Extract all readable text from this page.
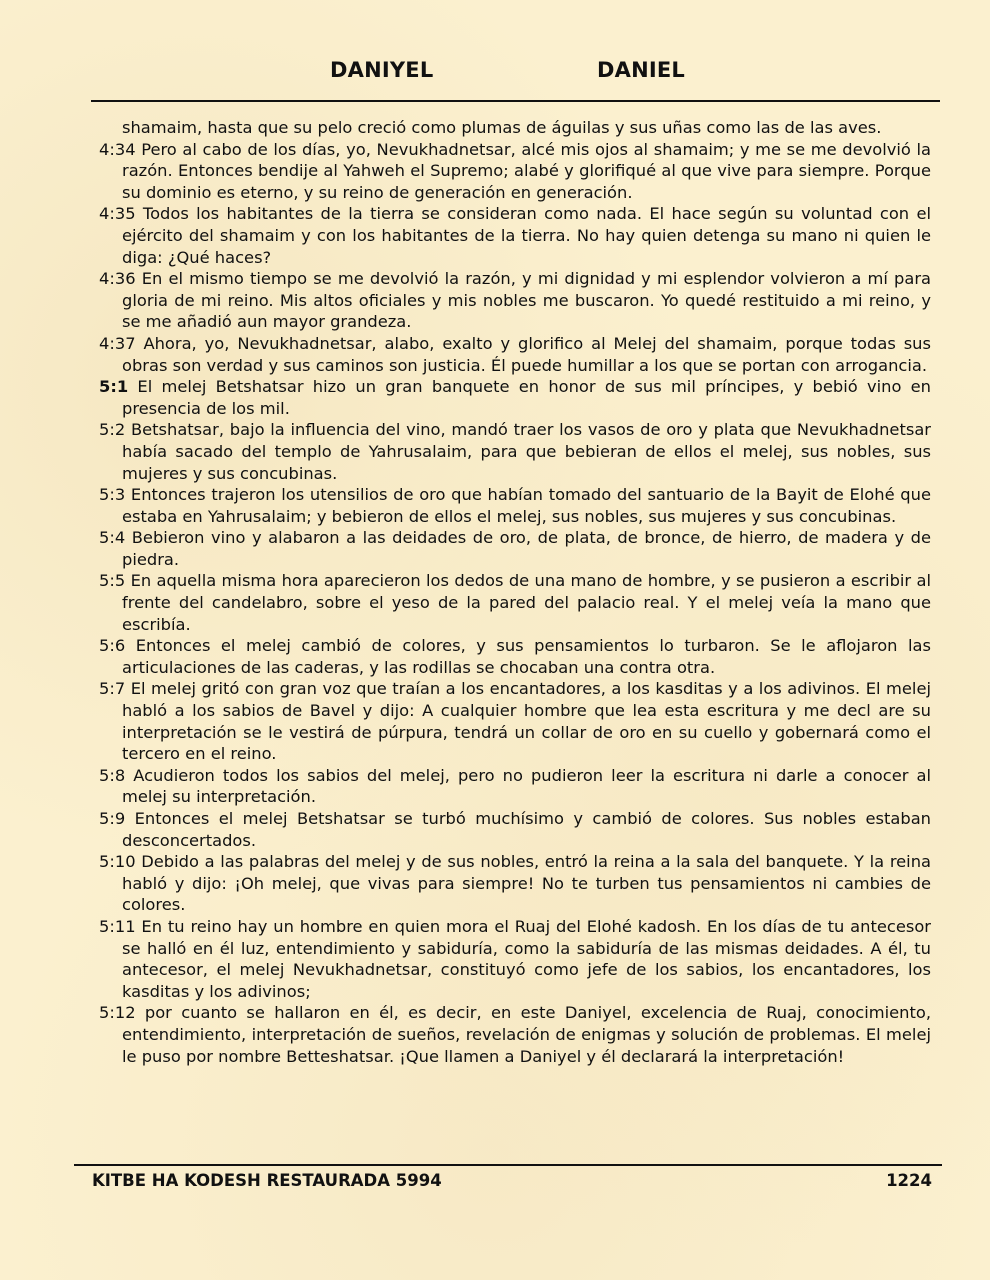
DANIYEL	DANIEL

shamaim, hasta que su pelo creció como plumas de águilas y sus uñas como las de las aves.

4:34 Pero al cabo de los días, yo, Nevukhadnetsar, alcé mis ojos al shamaim; y me se me devolvió la razón. Entonces bendije al Yahweh el Supremo; alabé y glorifiqué al que vive para siempre. Porque su dominio es eterno, y su reino de generación en generación.

4:35 Todos los habitantes de la tierra se consideran como nada. El hace según su voluntad con el ejército del shamaim y con los habitantes de la tierra. No hay quien detenga su mano ni quien le diga: ¿Qué haces?

4:36 En el mismo tiempo se me devolvió la razón, y mi dignidad y mi esplendor volvieron a mí para gloria de mi reino. Mis altos oficiales y mis nobles me buscaron. Yo quedé restituido a mi reino, y se me añadió aun mayor grandeza.

4:37 Ahora, yo, Nevukhadnetsar, alabo, exalto y glorifico al Melej del shamaim, porque todas sus obras son verdad y sus caminos son justicia. Él puede humillar a los que se portan con arrogancia.

5:1 El melej Betshatsar hizo un gran banquete en honor de sus mil príncipes, y bebió vino en presencia de los mil.

5:2 Betshatsar, bajo la influencia del vino, mandó traer los vasos de oro y plata que Nevukhadnetsar había sacado del templo de Yahrusalaim, para que bebieran de ellos el melej, sus nobles, sus mujeres y sus concubinas.

5:3 Entonces trajeron los utensilios de oro que habían tomado del santuario de la Bayit de Elohé que estaba en Yahrusalaim; y bebieron de ellos el melej, sus nobles, sus mujeres y sus concubinas.

5:4 Bebieron vino y alabaron a las deidades de oro, de plata, de bronce, de hierro, de madera y de piedra.

5:5 En aquella misma hora aparecieron los dedos de una mano de hombre, y se pusieron a escribir al frente del candelabro, sobre el yeso de la pared del palacio real. Y el melej veía la mano que escribía.

5:6 Entonces el melej cambió de colores, y sus pensamientos lo turbaron. Se le aflojaron las articulaciones de las caderas, y las rodillas se chocaban una contra otra.

5:7 El melej gritó con gran voz que traían a los encantadores, a los kasditas y a los adivinos. El melej habló a los sabios de Bavel y dijo: A cualquier hombre que lea esta escritura y me decl are su interpretación se le vestirá de púrpura, tendrá un collar de oro en su cuello y gobernará como el tercero en el reino.

5:8 Acudieron todos los sabios del melej, pero no pudieron leer la escritura ni darle a conocer al melej su interpretación.

5:9 Entonces el melej Betshatsar se turbó muchísimo y cambió de colores. Sus nobles estaban desconcertados.

5:10 Debido a las palabras del melej y de sus nobles, entró la reina a la sala del banquete. Y la reina habló y dijo: ¡Oh melej, que vivas para siempre! No te turben tus pensamientos ni cambies de colores.

5:11 En tu reino hay un hombre en quien mora el Ruaj del Elohé kadosh. En los días de tu antecesor se halló en él luz, entendimiento y sabiduría, como la sabiduría de las mismas deidades. A él, tu antecesor, el melej Nevukhadnetsar, constituyó como jefe de los sabios, los encantadores, los kasditas y los adivinos;

5:12 por cuanto se hallaron en él, es decir, en este Daniyel, excelencia de Ruaj, conocimiento, entendimiento, interpretación de sueños, revelación de enigmas y solución de problemas. El melej le puso por nombre Betteshatsar. ¡Que llamen a Daniyel y él declarará la interpretación!

KITBE HA KODESH RESTAURADA 5994	1224
